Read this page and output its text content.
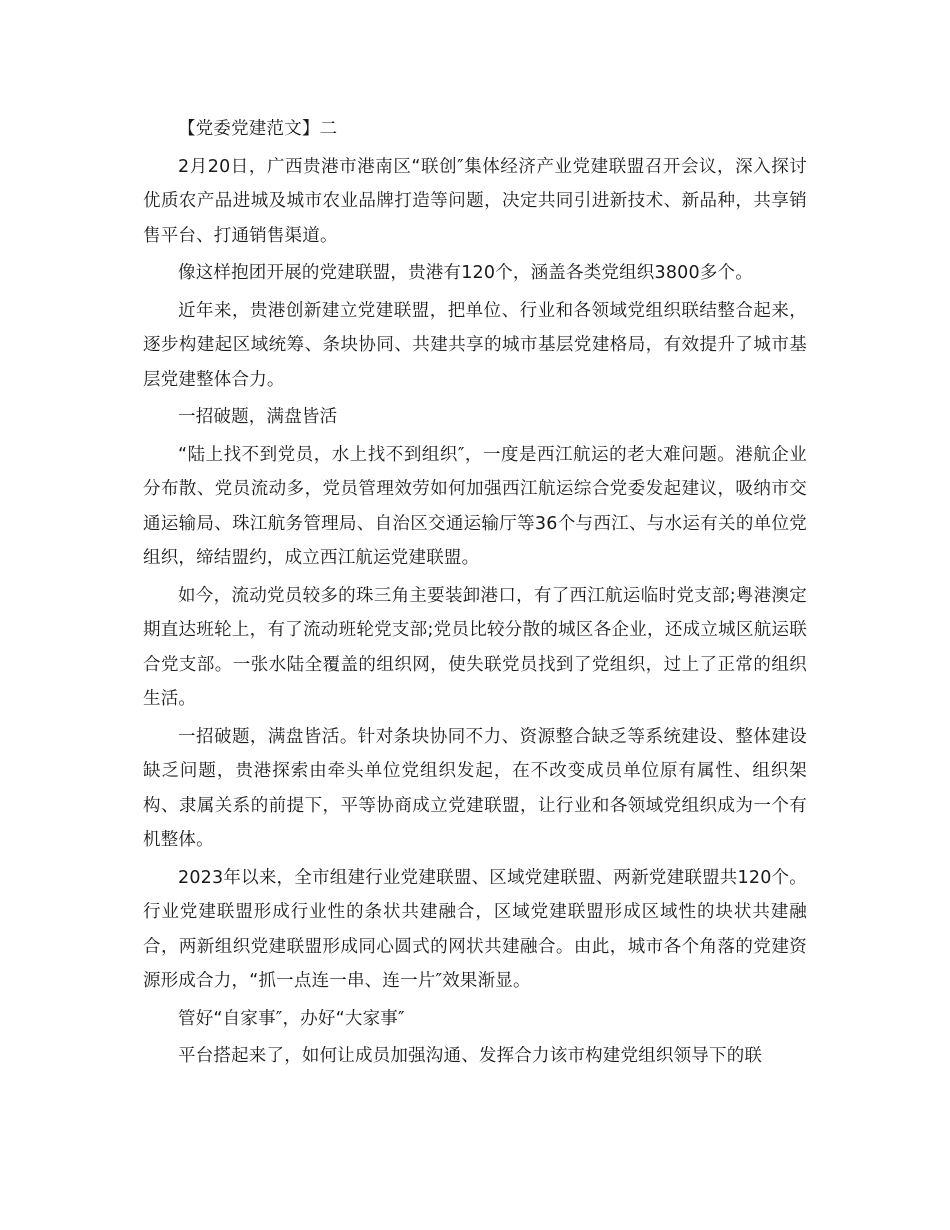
【党委党建范文】二

2月20日，广西贵港市港南区“联创″集体经济产业党建联盟召开会议，深入探讨优质农产品进城及城市农业品牌打造等问题，决定共同引进新技术、新品种，共享销售平台、打通销售渠道。

像这样抱团开展的党建联盟，贵港有120个，涵盖各类党组织3800多个。

近年来，贵港创新建立党建联盟，把单位、行业和各领域党组织联结整合起来，逐步构建起区域统筹、条块协同、共建共享的城市基层党建格局，有效提升了城市基层党建整体合力。

一招破题，满盘皆活

“陆上找不到党员，水上找不到组织″，一度是西江航运的老大难问题。港航企业分布散、党员流动多，党员管理效劳如何加强西江航运综合党委发起建议，吸纳市交通运输局、珠江航务管理局、自治区交通运输厅等36个与西江、与水运有关的单位党组织，缔结盟约，成立西江航运党建联盟。

如今，流动党员较多的珠三角主要装卸港口，有了西江航运临时党支部;粤港澳定期直达班轮上，有了流动班轮党支部;党员比较分散的城区各企业，还成立城区航运联合党支部。一张水陆全覆盖的组织网，使失联党员找到了党组织，过上了正常的组织生活。

一招破题，满盘皆活。针对条块协同不力、资源整合缺乏等系统建设、整体建设缺乏问题，贵港探索由牵头单位党组织发起，在不改变成员单位原有属性、组织架构、隶属关系的前提下，平等协商成立党建联盟，让行业和各领域党组织成为一个有机整体。

2023年以来，全市组建行业党建联盟、区域党建联盟、两新党建联盟共120个。行业党建联盟形成行业性的条状共建融合，区域党建联盟形成区域性的块状共建融合，两新组织党建联盟形成同心圆式的网状共建融合。由此，城市各个角落的党建资源形成合力，“抓一点连一串、连一片″效果渐显。

管好“自家事″，办好“大家事″

平台搭起来了，如何让成员加强沟通、发挥合力该市构建党组织领导下的联
